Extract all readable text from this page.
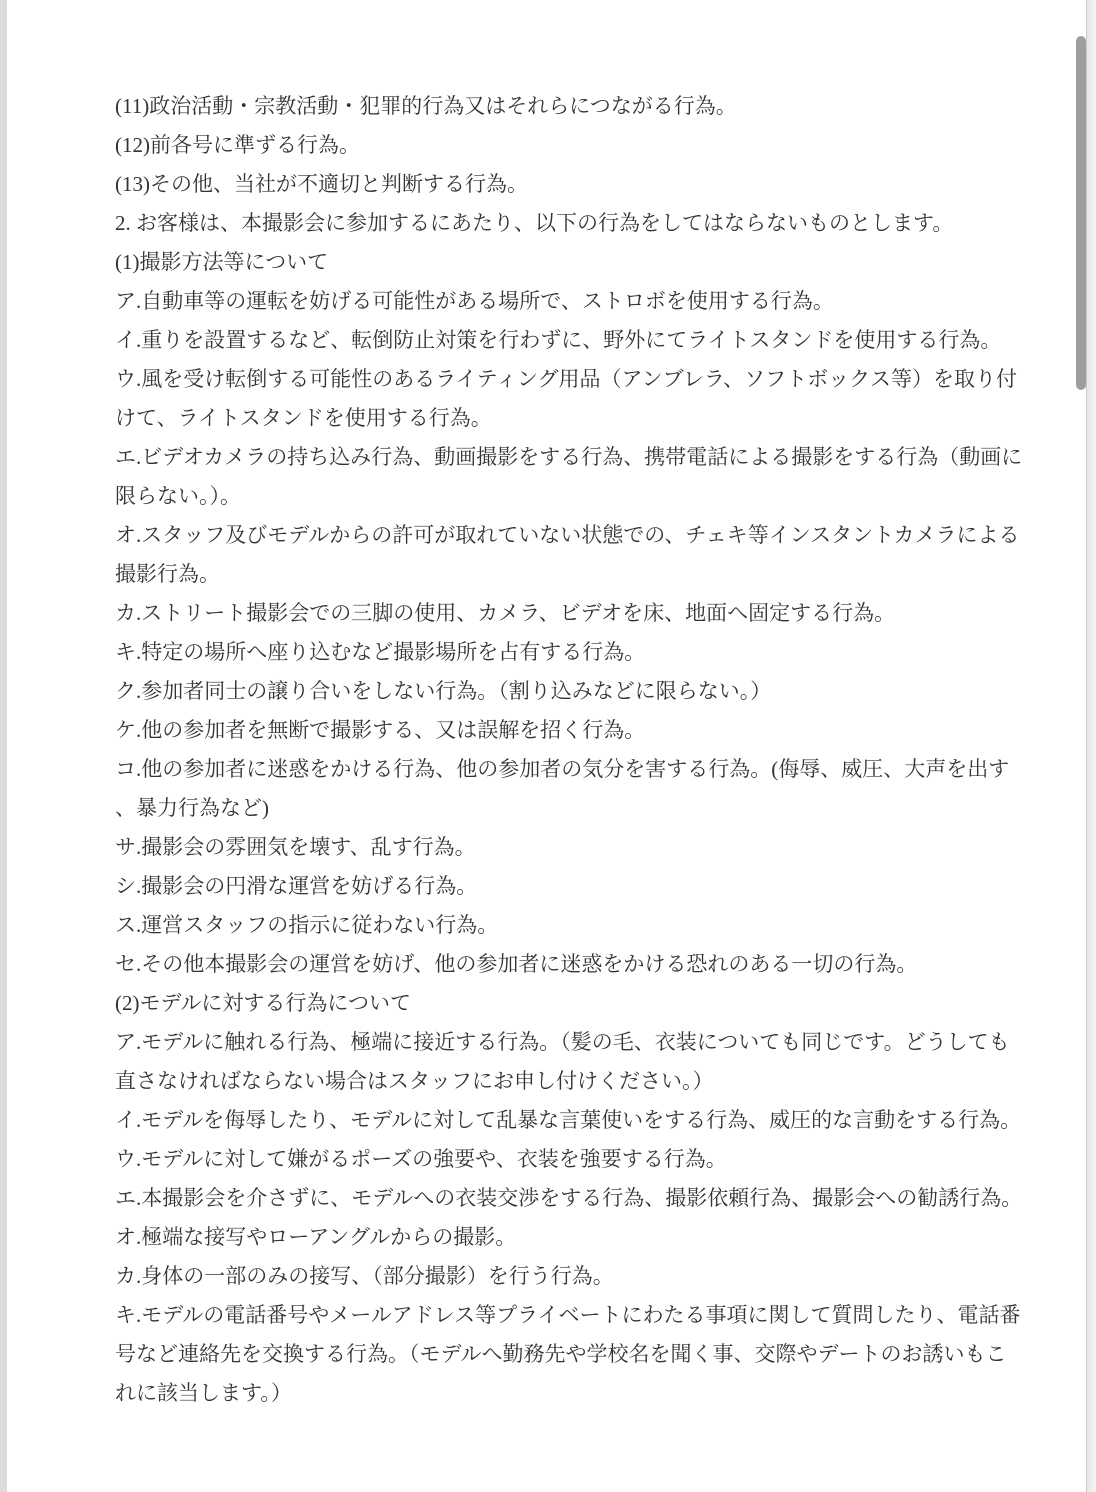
(11)政治活動・宗教活動・犯罪的行為又はそれらにつながる行為。
(12)前各号に準ずる行為。
(13)その他、当社が不適切と判断する行為。
2. お客様は、本撮影会に参加するにあたり、以下の行為をしてはならないものとします。
(1)撮影方法等について
ア.自動車等の運転を妨げる可能性がある場所で、ストロボを使用する行為。
イ.重りを設置するなど、転倒防止対策を行わずに、野外にてライトスタンドを使用する行為。
ウ.風を受け転倒する可能性のあるライティング用品（アンブレラ、ソフトボックス等）を取り付
けて、ライトスタンドを使用する行為。
エ.ビデオカメラの持ち込み行為、動画撮影をする行為、携帯電話による撮影をする行為（動画に
限らない。）。
オ.スタッフ及びモデルからの許可が取れていない状態での、チェキ等インスタントカメラによる
撮影行為。
カ.ストリート撮影会での三脚の使用、カメラ、ビデオを床、地面へ固定する行為。
キ.特定の場所へ座り込むなど撮影場所を占有する行為。
ク.参加者同士の譲り合いをしない行為。（割り込みなどに限らない。）
ケ.他の参加者を無断で撮影する、又は誤解を招く行為。
コ.他の参加者に迷惑をかける行為、他の参加者の気分を害する行為。(侮辱、威圧、大声を出す
、暴力行為など)
サ.撮影会の雰囲気を壊す、乱す行為。
シ.撮影会の円滑な運営を妨げる行為。
ス.運営スタッフの指示に従わない行為。
セ.その他本撮影会の運営を妨げ、他の参加者に迷惑をかける恐れのある一切の行為。
(2)モデルに対する行為について
ア.モデルに触れる行為、極端に接近する行為。（髪の毛、衣装についても同じです。どうしても
直さなければならない場合はスタッフにお申し付けください。）
イ.モデルを侮辱したり、モデルに対して乱暴な言葉使いをする行為、威圧的な言動をする行為。
ウ.モデルに対して嫌がるポーズの強要や、衣装を強要する行為。
エ.本撮影会を介さずに、モデルへの衣装交渉をする行為、撮影依頼行為、撮影会への勧誘行為。
オ.極端な接写やローアングルからの撮影。
カ.身体の一部のみの接写、（部分撮影）を行う行為。
キ.モデルの電話番号やメールアドレス等プライベートにわたる事項に関して質問したり、電話番
号など連絡先を交換する行為。（モデルへ勤務先や学校名を聞く事、交際やデートのお誘いもこ
れに該当します。）
